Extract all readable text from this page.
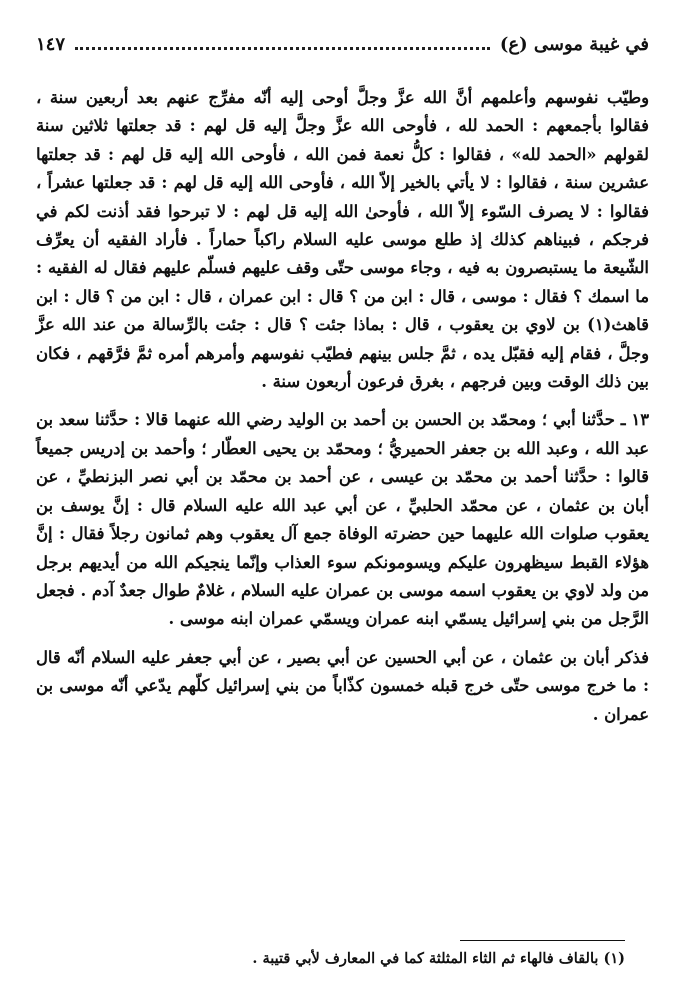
في غيبة موسى (ع)
١٤٧

وطيّب نفوسهم وأعلمهم أنَّ الله عزَّ وجلَّ أوحى إليه أنّه مفرِّج عنهم بعد أربعين سنة ، فقالوا بأجمعهم : الحمد لله ، فأوحى الله عزَّ وجلَّ إليه قل لهم : قد جعلتها ثلاثين سنة لقولهم «الحمد لله» ، فقالوا : كلُّ نعمة فمن الله ، فأوحى الله إليه قل لهم : قد جعلتها عشرين سنة ، فقالوا : لا يأتي بالخير إلاّ الله ، فأوحى الله إليه قل لهم : قد جعلتها عشراً ، فقالوا : لا يصرف السّوء إلاّ الله ، فأوحىٰ الله إليه قل لهم : لا تبرحوا فقد أذنت لكم في فرجكم ، فبيناهم كذلك إذ طلع موسى عليه السلام راكباً حماراً . فأراد الفقيه أن يعرِّف الشّيعة ما يستبصرون به فيه ، وجاء موسى حتّى وقف عليهم فسلّم عليهم فقال له الفقيه : ما اسمك ؟ فقال : موسى ، قال : ابن من ؟ قال : ابن عمران ، قال : ابن من ؟ قال : ابن قاهث(١) بن لاوي بن يعقوب ، قال : بماذا جئت ؟ قال : جئت بالرِّسالة من عند الله عزَّ وجلَّ ، فقام إليه فقبّل يده ، ثمَّ جلس بينهم فطيّب نفوسهم وأمرهم أمره ثمَّ فرَّقهم ، فكان بين ذلك الوقت وبين فرجهم ، بغرق فرعون أربعون سنة .

١٣ ـ حدَّثنا أبي ؛ ومحمّد بن الحسن بن أحمد بن الوليد رضي الله عنهما قالا : حدَّثنا سعد بن عبد الله ، وعبد الله بن جعفر الحميريُّ ؛ ومحمّد بن يحيى العطّار ؛ وأحمد بن إدريس جميعاً قالوا : حدَّثنا أحمد بن محمّد بن عيسى ، عن أحمد بن محمّد بن أبي نصر البزنطيِّ ، عن أبان بن عثمان ، عن محمّد الحلبيِّ ، عن أبي عبد الله عليه السلام قال : إنَّ يوسف بن يعقوب صلوات الله عليهما حين حضرته الوفاة جمع آل يعقوب وهم ثمانون رجلاً فقال : إنَّ هؤلاء القبط سيظهرون عليكم ويسومونكم سوء العذاب وإنّما ينجيكم الله من أيديهم برجل من ولد لاوي بن يعقوب اسمه موسى بن عمران عليه السلام ، غلامٌ طوال جعدٌ آدم . فجعل الرَّجل من بني إسرائيل يسمّي ابنه عمران ويسمّي عمران ابنه موسى .

فذكر أبان بن عثمان ، عن أبي الحسين عن أبي بصير ، عن أبي جعفر عليه السلام أنّه قال : ما خرج موسى حتّى خرج قبله خمسون كذّاباً من بني إسرائيل كلّهم يدّعي أنّه موسى بن عمران .

(١) بالقاف فالهاء ثم الثاء المثلثة كما في المعارف لأبي قتيبة .
